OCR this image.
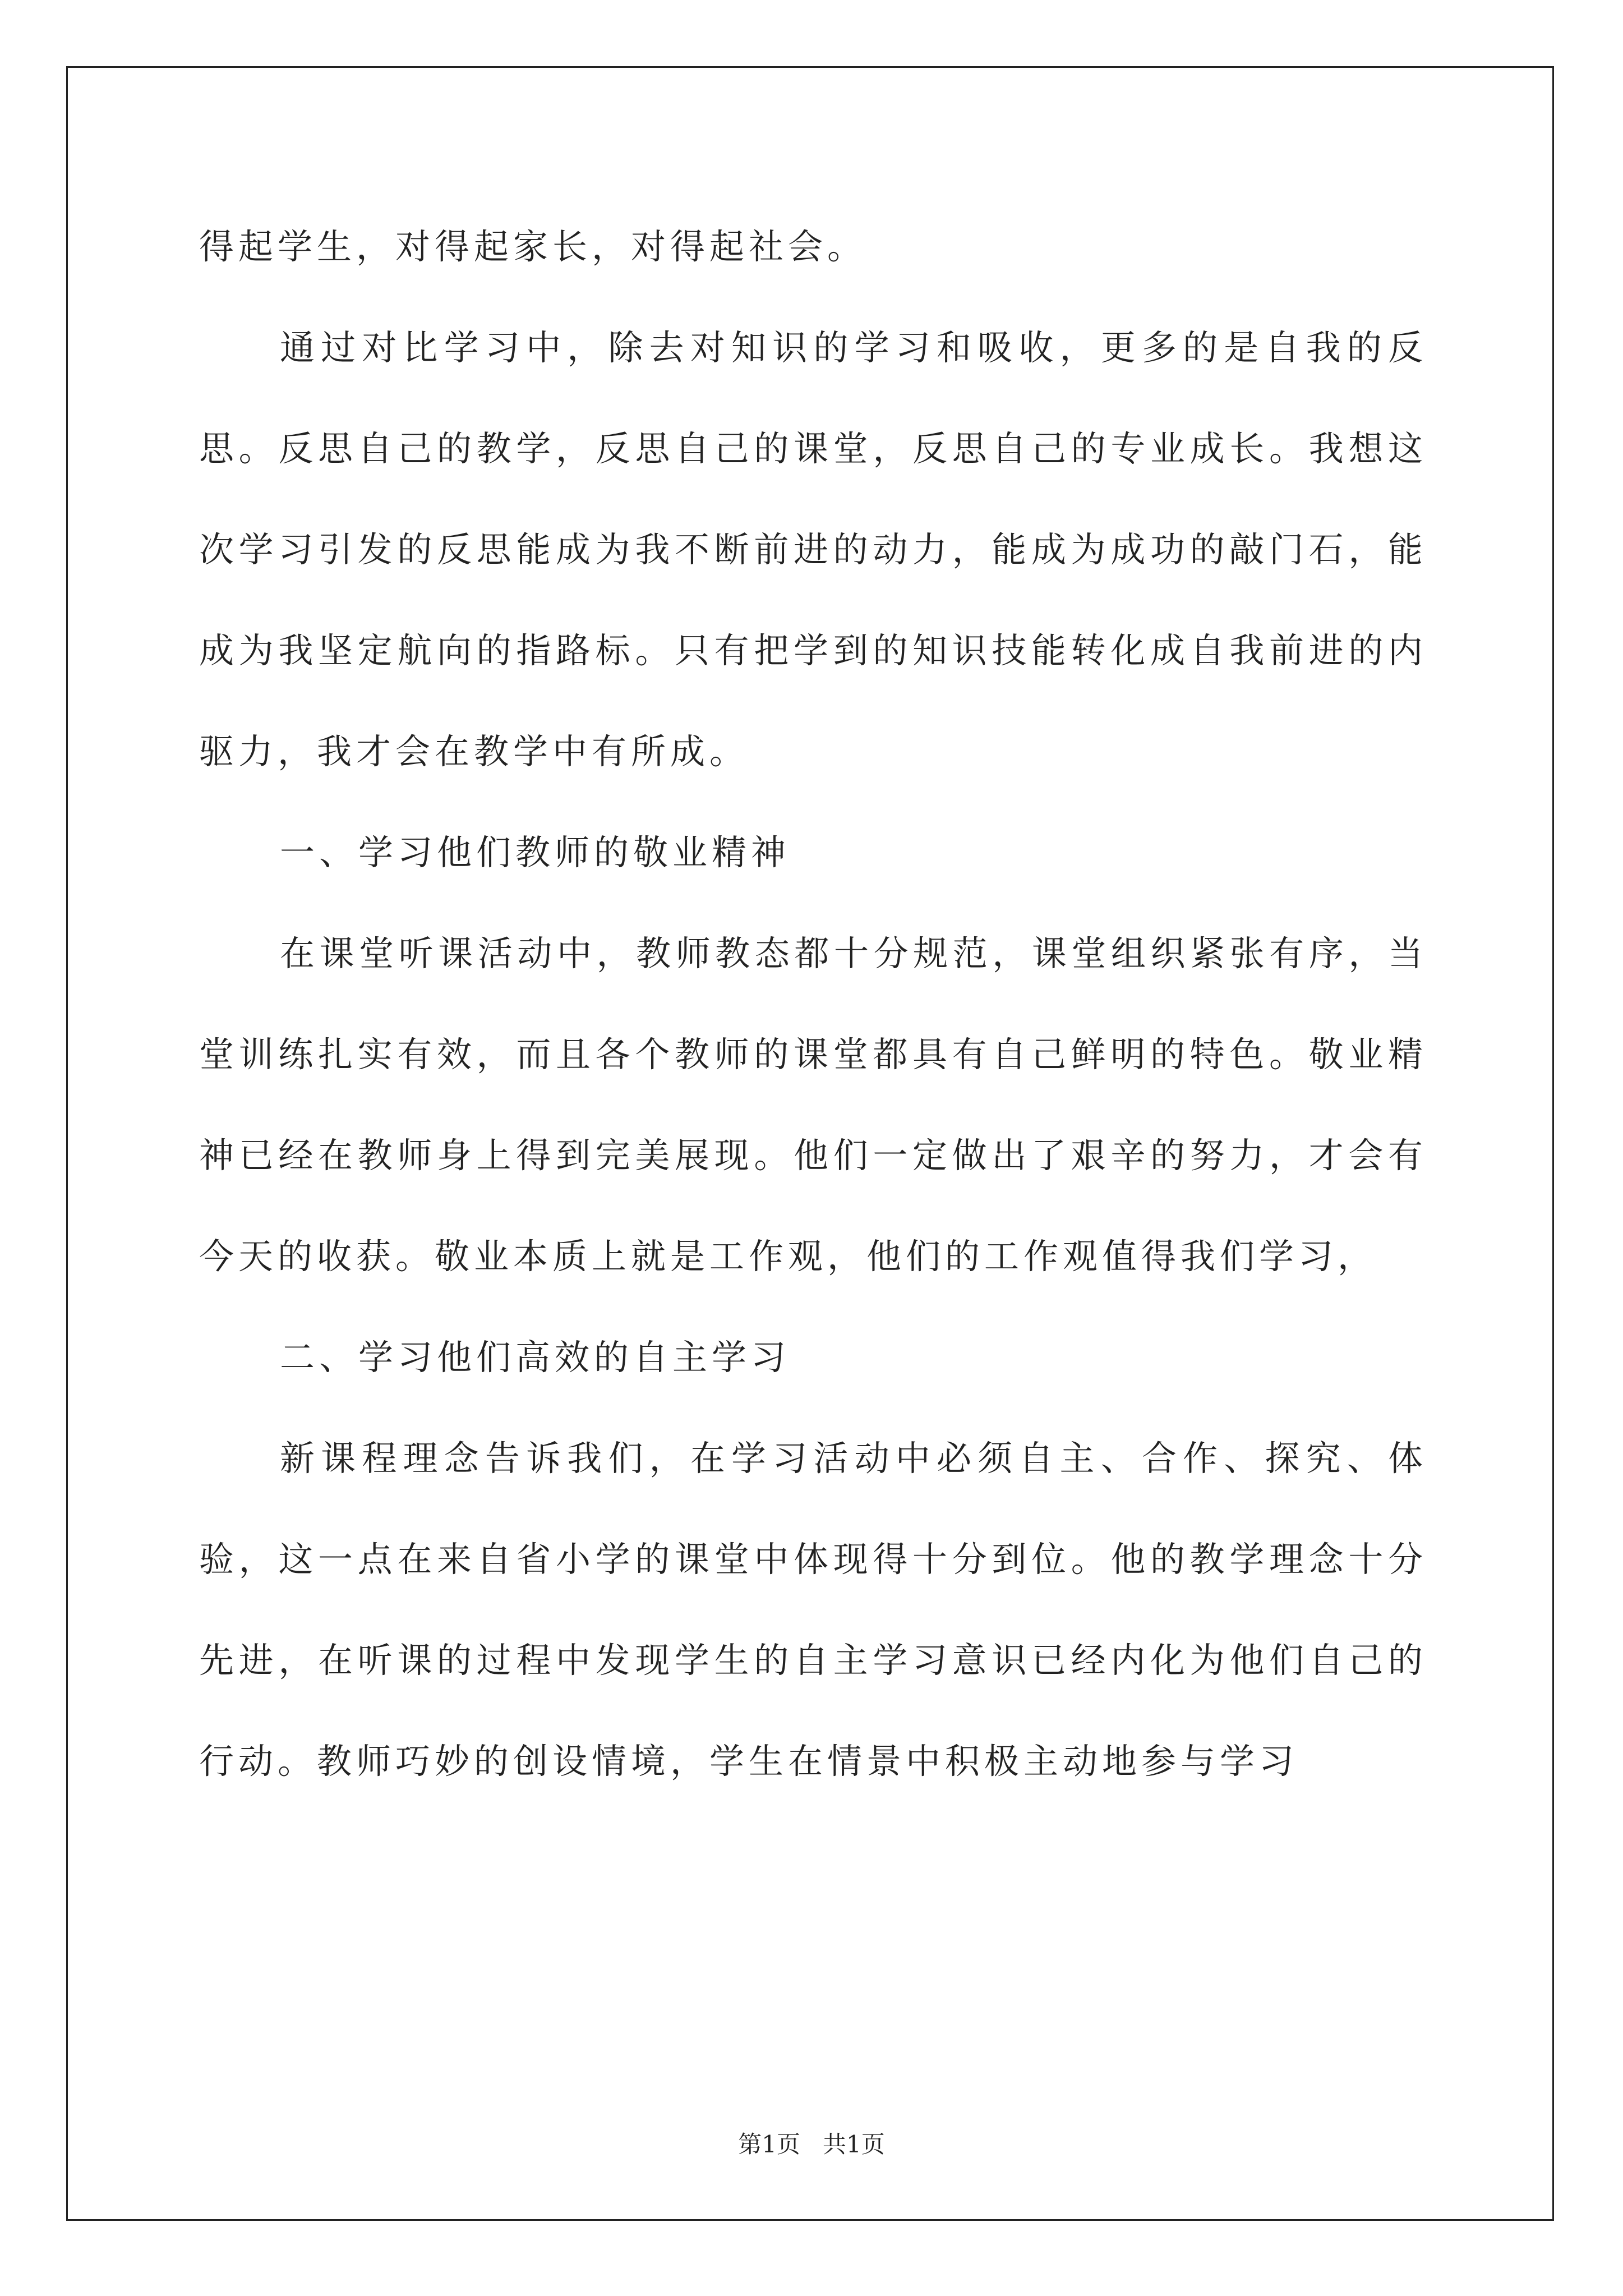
得起学生，对得起家长，对得起社会。

通过对比学习中，除去对知识的学习和吸收，更多的是自我的反思。反思自己的教学，反思自己的课堂，反思自己的专业成长。我想这次学习引发的反思能成为我不断前进的动力，能成为成功的敲门石，能成为我坚定航向的指路标。只有把学到的知识技能转化成自我前进的内驱力，我才会在教学中有所成。

一、学习他们教师的敬业精神

在课堂听课活动中，教师教态都十分规范，课堂组织紧张有序，当堂训练扎实有效，而且各个教师的课堂都具有自己鲜明的特色。敬业精神已经在教师身上得到完美展现。他们一定做出了艰辛的努力，才会有今天的收获。敬业本质上就是工作观，他们的工作观值得我们学习，

二、学习他们高效的自主学习

新课程理念告诉我们，在学习活动中必须自主、合作、探究、体验，这一点在来自省小学的课堂中体现得十分到位。他的教学理念十分先进，在听课的过程中发现学生的自主学习意识已经内化为他们自己的行动。教师巧妙的创设情境，学生在情景中积极主动地参与学习

第1页   共1页
